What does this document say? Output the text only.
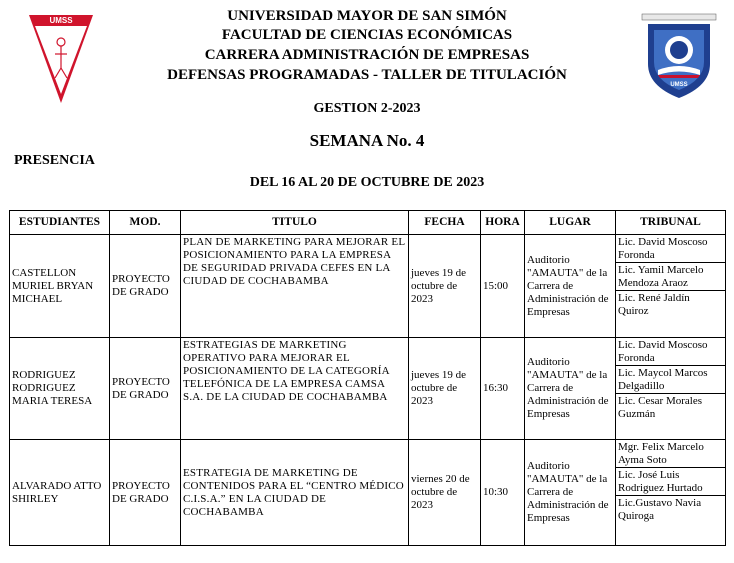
UMSS
UMSS
UNIVERSIDAD MAYOR DE SAN SIMÓN
FACULTAD DE CIENCIAS ECONÓMICAS
CARRERA ADMINISTRACIÓN DE EMPRESAS
DEFENSAS PROGRAMADAS - TALLER DE TITULACIÓN
GESTION 2-2023
SEMANA No. 4
PRESENCIA
DEL 16 AL 20 DE OCTUBRE DE 2023
ESTUDIANTES	MOD.	TITULO	FECHA	HORA	LUGAR	TRIBUNAL
CASTELLON MURIEL BRYAN MICHAEL	PROYECTO DE GRADO	PLAN DE MARKETING PARA MEJORAR EL POSICIONAMIENTO PARA LA EMPRESA DE SEGURIDAD PRIVADA CEFES EN LA CIUDAD DE COCHABAMBA	jueves 19 de octubre de 2023	15:00	Auditorio "AMAUTA" de la Carrera de Administración de Empresas	Lic. David Moscoso Foronda
Lic. Yamil Marcelo Mendoza Araoz
Lic. René Jaldín Quiroz

RODRIGUEZ RODRIGUEZ MARIA TERESA	PROYECTO DE GRADO	ESTRATEGIAS DE MARKETING OPERATIVO PARA MEJORAR EL POSICIONAMIENTO DE LA CATEGORÍA TELEFÓNICA DE LA EMPRESA CAMSA S.A. DE LA CIUDAD DE COCHABAMBA	jueves 19 de octubre de 2023	16:30	Auditorio "AMAUTA" de la Carrera de Administración de Empresas	Lic. David Moscoso Foronda
Lic. Maycol Marcos Delgadillo
Lic. Cesar Morales Guzmán

ALVARADO ATTO SHIRLEY	PROYECTO DE GRADO	ESTRATEGIA DE MARKETING DE CONTENIDOS PARA EL “CENTRO MÉDICO C.I.S.A.” EN LA CIUDAD DE COCHABAMBA	viernes 20 de octubre de 2023	10:30	Auditorio "AMAUTA" de la Carrera de Administración de Empresas	Mgr. Felix Marcelo Ayma Soto
Lic. José Luis Rodriguez Hurtado
Lic.Gustavo Navia Quiroga
